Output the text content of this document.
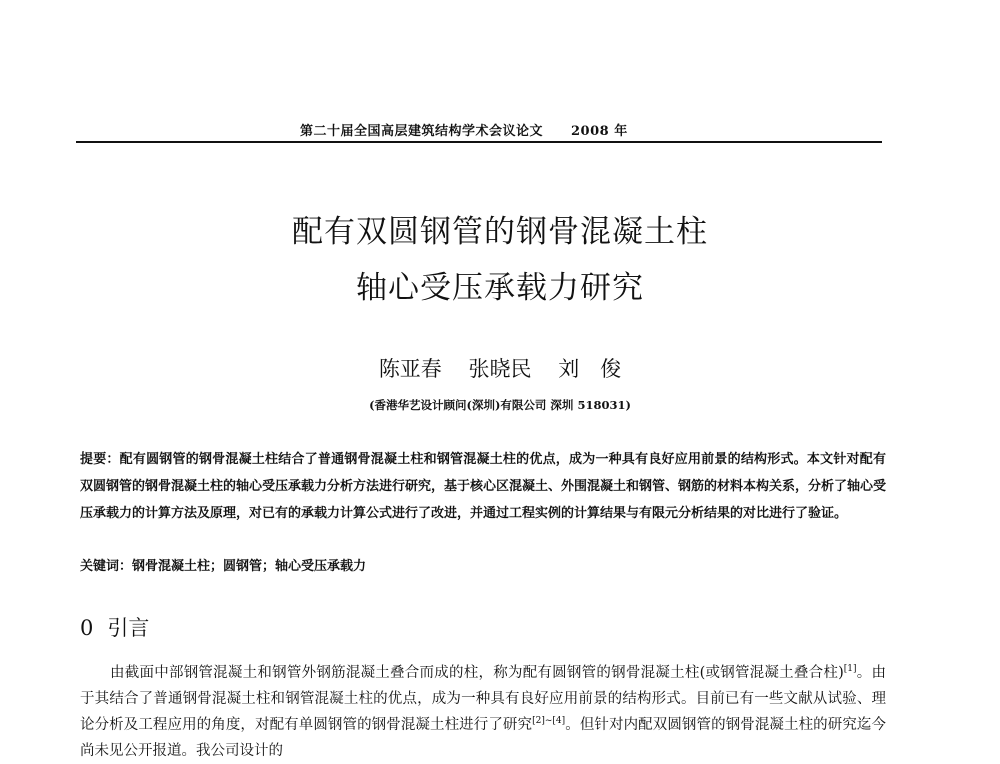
第二十届全国高层建筑结构学术会议论文 2008 年
配有双圆钢管的钢骨混凝土柱
轴心受压承载力研究
陈亚春 张晓民 刘　俊
(香港华艺设计顾问(深圳)有限公司 深圳 518031)
提要：配有圆钢管的钢骨混凝土柱结合了普通钢骨混凝土柱和钢管混凝土柱的优点，成为一种具有良好应用前景的结构形式。本文针对配有双圆钢管的钢骨混凝土柱的轴心受压承载力分析方法进行研究，基于核心区混凝土、外围混凝土和钢管、钢筋的材料本构关系，分析了轴心受压承载力的计算方法及原理，对已有的承载力计算公式进行了改进，并通过工程实例的计算结果与有限元分析结果的对比进行了验证。
关键词：钢骨混凝土柱；圆钢管；轴心受压承载力
0 引言
由截面中部钢管混凝土和钢管外钢筋混凝土叠合而成的柱，称为配有圆钢管的钢骨混凝土柱(或钢管混凝土叠合柱)[1]。由于其结合了普通钢骨混凝土柱和钢管混凝土柱的优点，成为一种具有良好应用前景的结构形式。目前已有一些文献从试验、理论分析及工程应用的角度，对配有单圆钢管的钢骨混凝土柱进行了研究[2]~[4]。但针对内配双圆钢管的钢骨混凝土柱的研究迄今尚未见公开报道。我公司设计的
